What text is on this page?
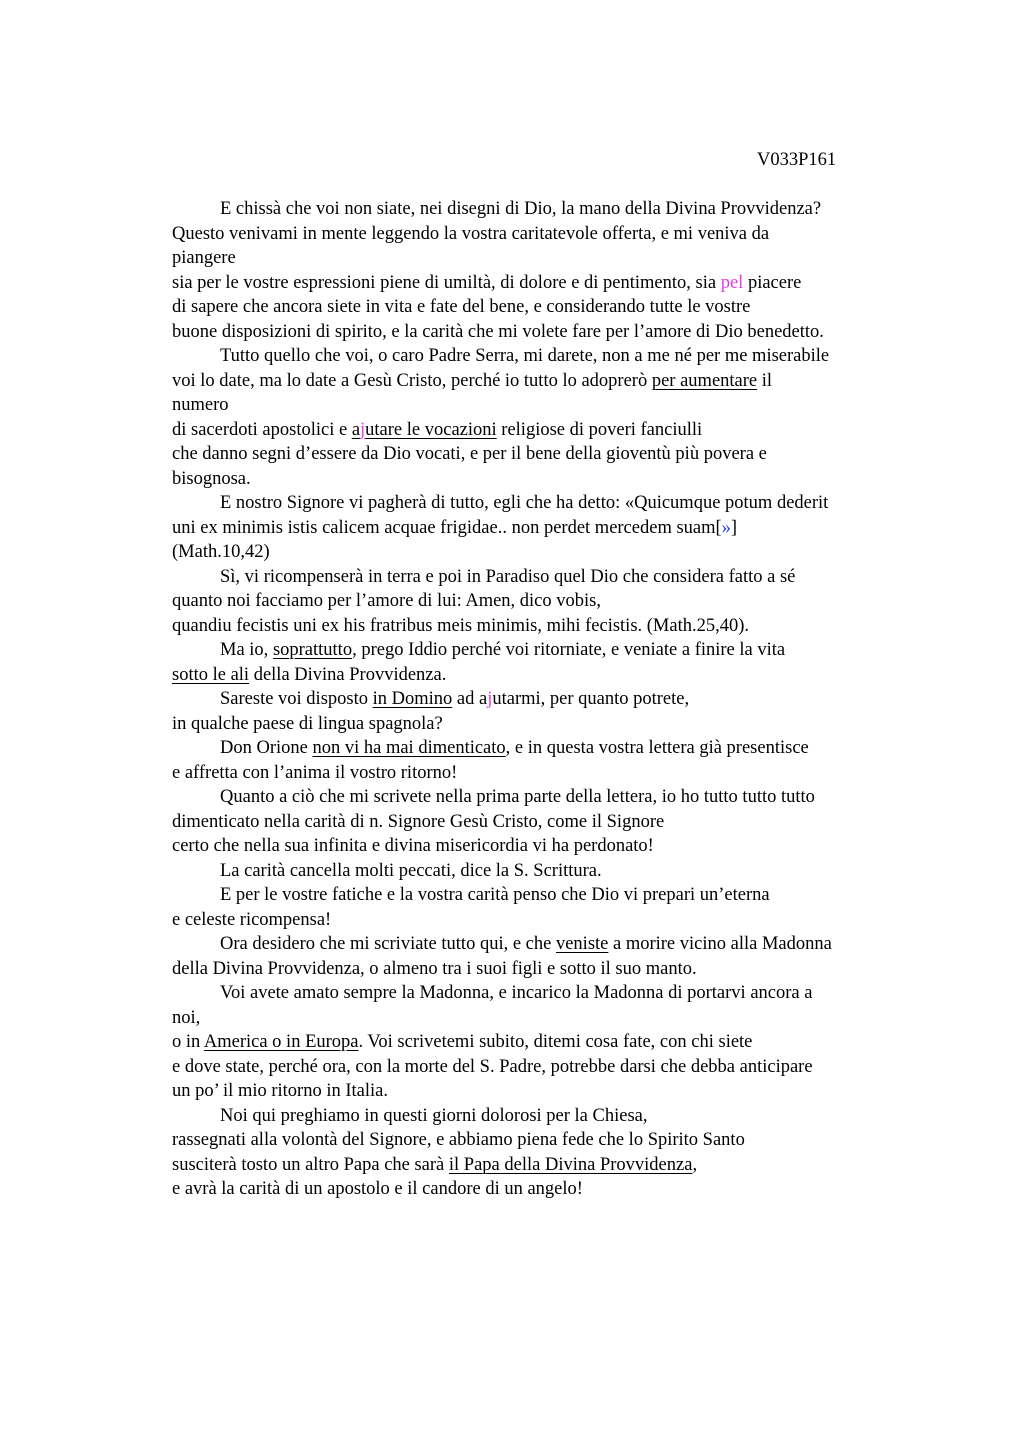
V033P161
E chissà che voi non siate, nei disegni di Dio, la mano della Divina Provvidenza?
Questo venivami in mente leggendo la vostra caritatevole offerta, e mi veniva da
piangere
sia per le vostre espressioni piene di umiltà, di dolore e di pentimento, sia pel piacere
di sapere che ancora siete in vita e fate del bene, e considerando tutte le vostre
buone disposizioni di spirito, e la carità che mi volete fare per l’amore di Dio benedetto.
Tutto quello che voi, o caro Padre Serra, mi darete, non a me né per me miserabile
voi lo date, ma lo date a Gesù Cristo, perché io tutto lo adoprerò per aumentare il
numero
di sacerdoti apostolici e ajutare le vocazioni religiose di poveri fanciulli
che danno segni d’essere da Dio vocati, e per il bene della gioventù più povera e
bisognosa.
E nostro Signore vi pagherà di tutto, egli che ha detto: «Quicumque potum dederit
uni ex minimis istis calicem acquae frigidae.. non perdet mercedem suam[»]
(Math.10,42)
Sì, vi ricompenserà in terra e poi in Paradiso quel Dio che considera fatto a sé
quanto noi facciamo per l’amore di lui: Amen, dico vobis,
quandiu fecistis uni ex his fratribus meis minimis, mihi fecistis. (Math.25,40).
Ma io, soprattutto, prego Iddio perché voi ritorniate, e veniate a finire la vita
sotto le ali della Divina Provvidenza.
Sareste voi disposto in Domino ad ajutarmi, per quanto potrete,
in qualche paese di lingua spagnola?
Don Orione non vi ha mai dimenticato, e in questa vostra lettera già presentisce
e affretta con l’anima il vostro ritorno!
Quanto a ciò che mi scrivete nella prima parte della lettera, io ho tutto tutto tutto
dimenticato nella carità di n. Signore Gesù Cristo, come il Signore
certo che nella sua infinita e divina misericordia vi ha perdonato!
La carità cancella molti peccati, dice la S. Scrittura.
E per le vostre fatiche e la vostra carità penso che Dio vi prepari un’eterna
e celeste ricompensa!
Ora desidero che mi scriviate tutto qui, e che veniste a morire vicino alla Madonna
della Divina Provvidenza, o almeno tra i suoi figli e sotto il suo manto.
Voi avete amato sempre la Madonna, e incarico la Madonna di portarvi ancora a
noi,
o in America o in Europa. Voi scrivetemi subito, ditemi cosa fate, con chi siete
e dove state, perché ora, con la morte del S. Padre, potrebbe darsi che debba anticipare
un po’ il mio ritorno in Italia.
Noi qui preghiamo in questi giorni dolorosi per la Chiesa,
rassegnati alla volontà del Signore, e abbiamo piena fede che lo Spirito Santo
susciterà tosto un altro Papa che sarà il Papa della Divina Provvidenza,
e avrà la carità di un apostolo e il candore di un angelo!
